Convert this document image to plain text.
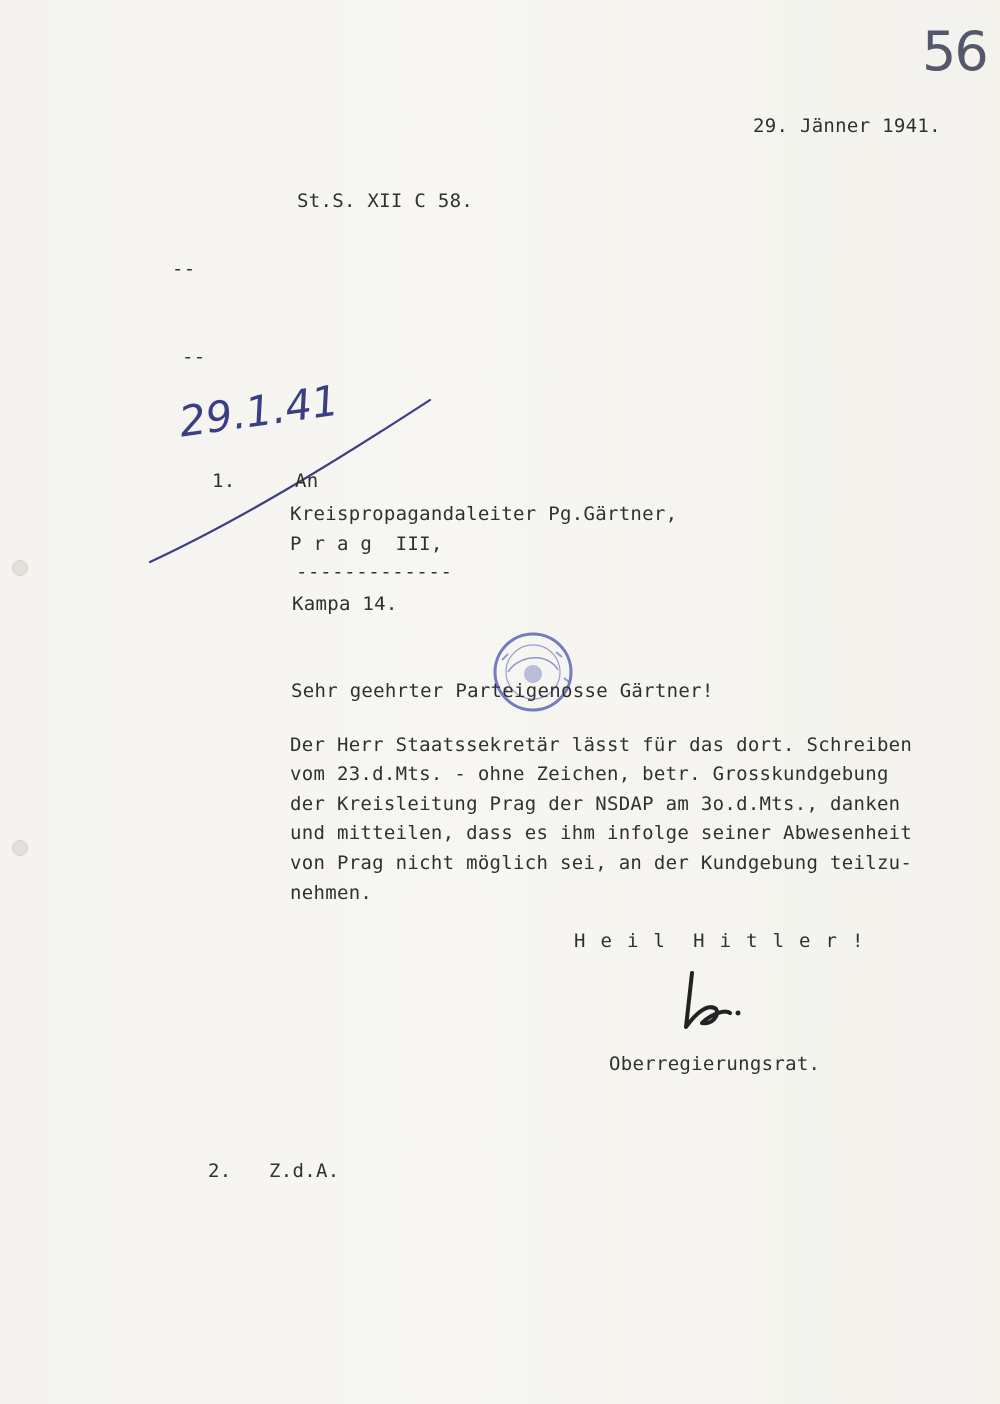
56
29. Jänner 1941.
St.S. XII C 58.
--
--
29.1.41
1.	An
Kreispropagandaleiter Pg.Gärtner,
P r a g  III,
-------------
Kampa 14.
Sehr geehrter Parteigenosse Gärtner!
Der Herr Staatssekretär lässt für das dort. Schreiben
vom 23.d.Mts. - ohne Zeichen, betr. Grosskundgebung
der Kreisleitung Prag der NSDAP am 3o.d.Mts., danken
und mitteilen, dass es ihm infolge seiner Abwesenheit
von Prag nicht möglich sei, an der Kundgebung teilzu-
nehmen.
H e i l  H i t l e r !
Oberregierungsrat.
2. Z.d.A.
